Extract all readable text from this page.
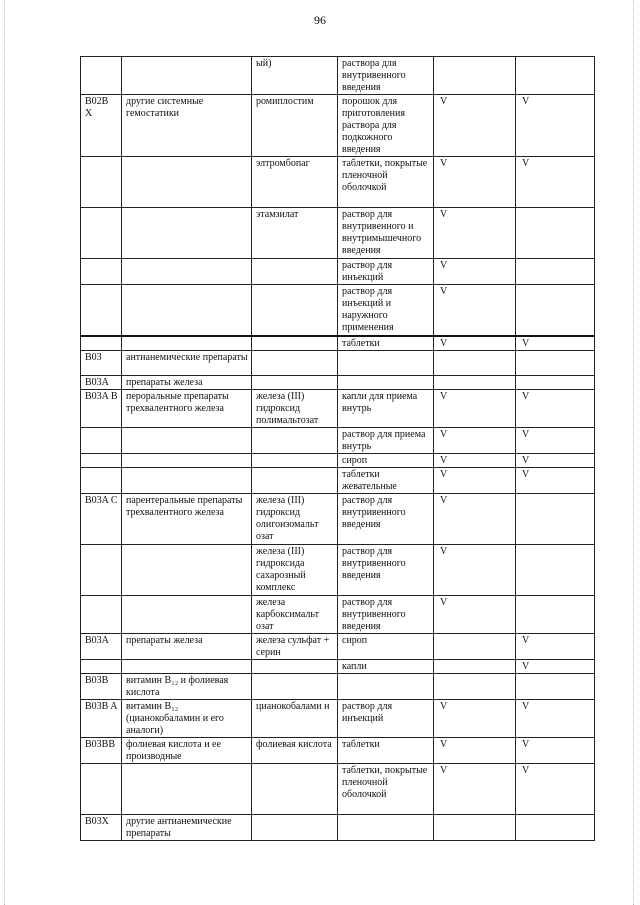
96
		ый)	раствора для внутривенного введения		
B02B X	другие системные гемостатики	ромиплостим	порошок для приготовления раствора для подкожного введения	V	V
		элтромбопаг	таблетки, покрытые пленочной оболочкой	V	V
		этамзилат	раствор для внутривенного и внутримышечного введения	V	
			раствор для инъекций	V	
			раствор для инъекций и наружного применения	V	
			таблетки	V	V
B03	антианемические препараты				
B03A	препараты железа				
B03A B	пероральные препараты трехвалентного железа	железа (III) гидроксид полимальтозат	капли для приема внутрь	V	V
			раствор для приема внутрь	V	V
			сироп	V	V
			таблетки жевательные	V	V
B03A C	парентеральные препараты трехвалентного железа	железа (III) гидроксид олигоизомальт озат	раствор для внутривенного введения	V	
		железа (III) гидроксида сахарозный комплекс	раствор для внутривенного введения	V	
		железа карбоксимальт озат	раствор для внутривенного введения	V	
B03A	препараты железа	железа сульфат + серин	сироп		V
			капли		V
B03B	витамин B₁₂ и фолиевая кислота				
B03B A	витамин B₁₂ (цианокобаламин и его аналоги)	цианокобалами н	раствор для инъекций	V	V
B03BB	фолиевая кислота и ее производные	фолиевая кислота	таблетки	V	V
			таблетки, покрытые пленочной оболочкой	V	V
B03X	другие антианемические препараты				
